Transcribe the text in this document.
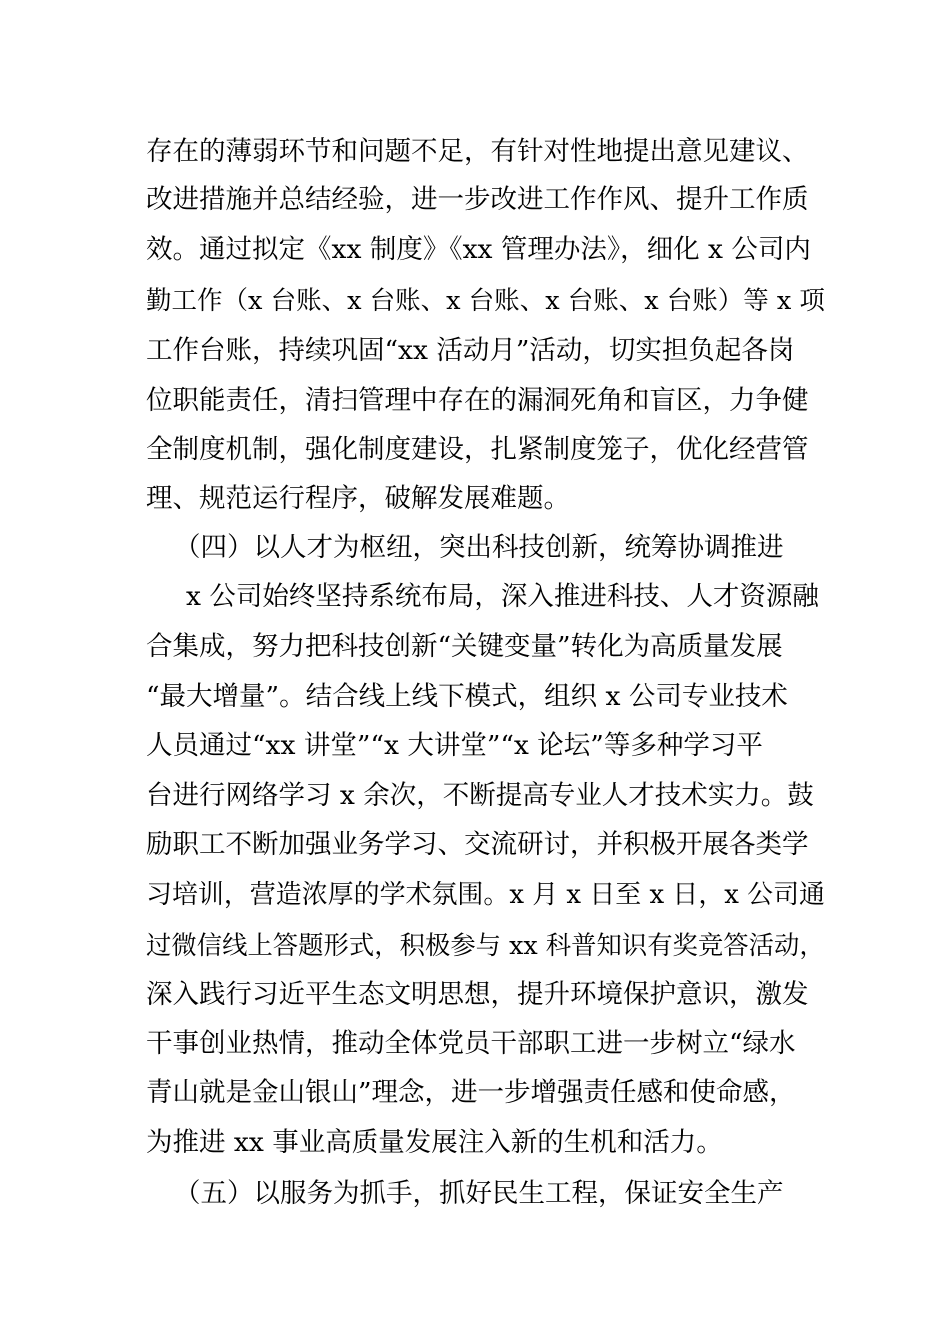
存在的薄弱环节和问题不足，有针对性地提出意见建议、
改进措施并总结经验，进一步改进工作作风、提升工作质
效。通过拟定《xx 制度》《xx 管理办法》，细化 x 公司内
勤工作（x 台账、x 台账、x 台账、x 台账、x 台账）等 x 项
工作台账，持续巩固“xx 活动月”活动，切实担负起各岗
位职能责任，清扫管理中存在的漏洞死角和盲区，力争健
全制度机制，强化制度建设，扎紧制度笼子，优化经营管
理、规范运行程序，破解发展难题。
（四）以人才为枢纽，突出科技创新，统筹协调推进
x 公司始终坚持系统布局，深入推进科技、人才资源融
合集成，努力把科技创新“关键变量”转化为高质量发展
“最大增量”。结合线上线下模式，组织 x 公司专业技术
人员通过“xx 讲堂”“x 大讲堂”“x 论坛”等多种学习平
台进行网络学习 x 余次，不断提高专业人才技术实力。鼓
励职工不断加强业务学习、交流研讨，并积极开展各类学
习培训，营造浓厚的学术氛围。x 月 x 日至 x 日，x 公司通
过微信线上答题形式，积极参与 xx 科普知识有奖竞答活动，
深入践行习近平生态文明思想，提升环境保护意识，激发
干事创业热情，推动全体党员干部职工进一步树立“绿水
青山就是金山银山”理念，进一步增强责任感和使命感，
为推进 xx 事业高质量发展注入新的生机和活力。
（五）以服务为抓手，抓好民生工程，保证安全生产
